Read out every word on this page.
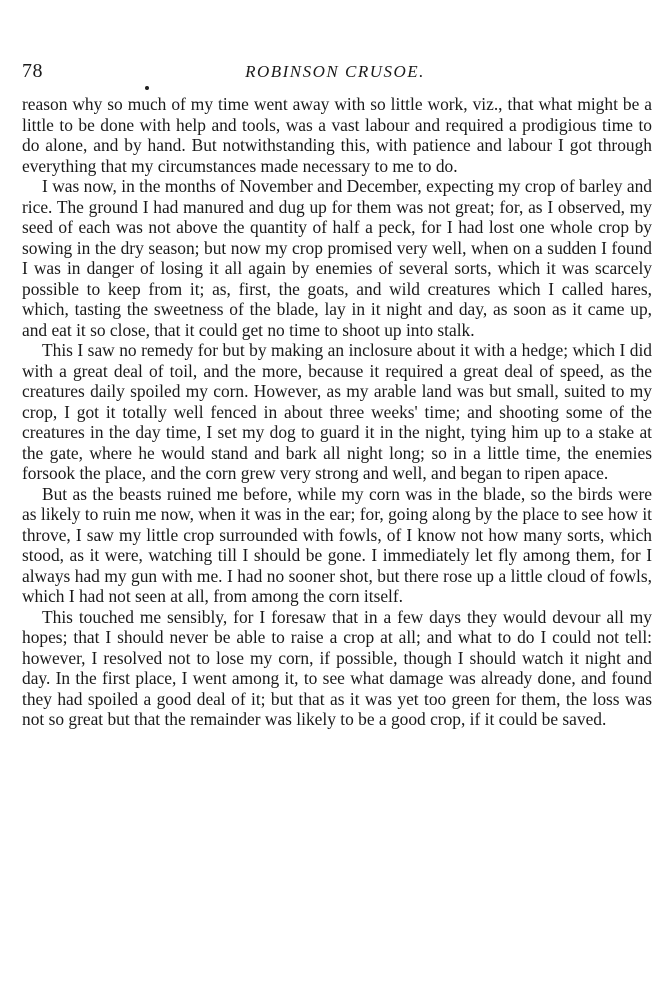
78	ROBINSON CRUSOE.

reason why so much of my time went away with so little work, viz., that what might be a little to be done with help and tools, was a vast labour and required a prodigious time to do alone, and by hand. But notwithstanding this, with patience and labour I got through everything that my circumstances made necessary to me to do.

I was now, in the months of November and December, expecting my crop of barley and rice. The ground I had manured and dug up for them was not great; for, as I observed, my seed of each was not above the quantity of half a peck, for I had lost one whole crop by sowing in the dry season; but now my crop promised very well, when on a sudden I found I was in danger of losing it all again by enemies of several sorts, which it was scarcely possible to keep from it; as, first, the goats, and wild creatures which I called hares, which, tasting the sweetness of the blade, lay in it night and day, as soon as it came up, and eat it so close, that it could get no time to shoot up into stalk.

This I saw no remedy for but by making an inclosure about it with a hedge; which I did with a great deal of toil, and the more, because it required a great deal of speed, as the creatures daily spoiled my corn. However, as my arable land was but small, suited to my crop, I got it totally well fenced in about three weeks' time; and shooting some of the creatures in the day time, I set my dog to guard it in the night, tying him up to a stake at the gate, where he would stand and bark all night long; so in a little time, the enemies forsook the place, and the corn grew very strong and well, and began to ripen apace.

But as the beasts ruined me before, while my corn was in the blade, so the birds were as likely to ruin me now, when it was in the ear; for, going along by the place to see how it throve, I saw my little crop surrounded with fowls, of I know not how many sorts, which stood, as it were, watching till I should be gone. I immediately let fly among them, for I always had my gun with me. I had no sooner shot, but there rose up a little cloud of fowls, which I had not seen at all, from among the corn itself.

This touched me sensibly, for I foresaw that in a few days they would devour all my hopes; that I should never be able to raise a crop at all; and what to do I could not tell: however, I resolved not to lose my corn, if possible, though I should watch it night and day. In the first place, I went among it, to see what damage was already done, and found they had spoiled a good deal of it; but that as it was yet too green for them, the loss was not so great but that the remainder was likely to be a good crop, if it could be saved.
